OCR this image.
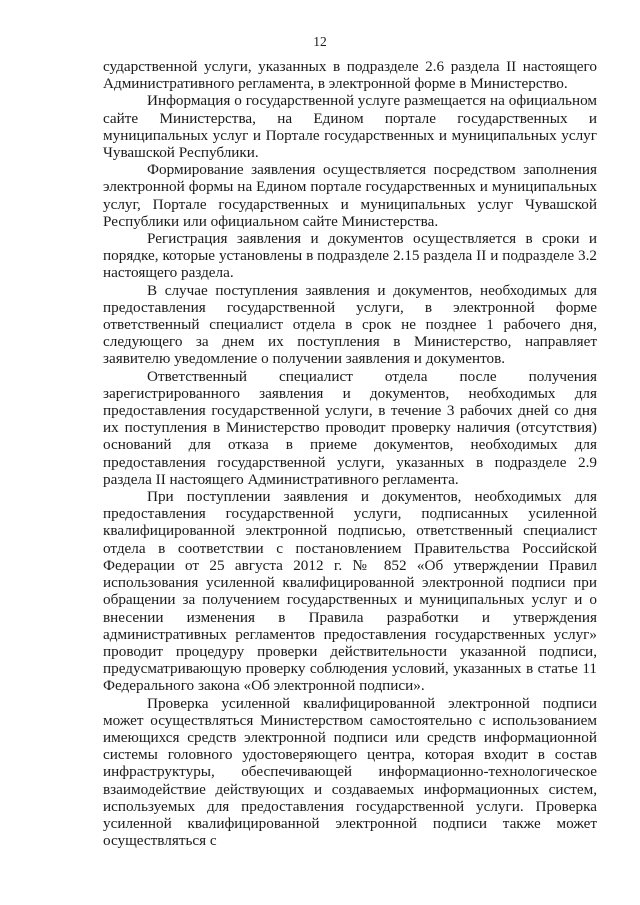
12

сударственной услуги, указанных в подразделе 2.6 раздела II настоящего Административного регламента, в электронной форме в Министерство.

Информация о государственной услуге размещается на официальном сайте Министерства, на Едином портале государственных и муниципальных услуг и Портале государственных и муниципальных услуг Чувашской Республики.

Формирование заявления осуществляется посредством заполнения электронной формы на Едином портале государственных и муниципальных услуг, Портале государственных и муниципальных услуг Чувашской Республики или официальном сайте Министерства.

Регистрация заявления и документов осуществляется в сроки и порядке, которые установлены в подразделе 2.15 раздела II и подразделе 3.2 настоящего раздела.

В случае поступления заявления и документов, необходимых для предоставления государственной услуги, в электронной форме ответственный специалист отдела в срок не позднее 1 рабочего дня, следующего за днем их поступления в Министерство, направляет заявителю уведомление о получении заявления и документов.

Ответственный специалист отдела после получения зарегистрированного заявления и документов, необходимых для предоставления государственной услуги, в течение 3 рабочих дней со дня их поступления в Министерство проводит проверку наличия (отсутствия) оснований для отказа в приеме документов, необходимых для предоставления государственной услуги, указанных в подразделе 2.9 раздела II настоящего Административного регламента.

При поступлении заявления и документов, необходимых для предоставления государственной услуги, подписанных усиленной квалифицированной электронной подписью, ответственный специалист отдела в соответствии с постановлением Правительства Российской Федерации от 25 августа 2012 г. № 852 «Об утверждении Правил использования усиленной квалифицированной электронной подписи при обращении за получением государственных и муниципальных услуг и о внесении изменения в Правила разработки и утверждения административных регламентов предоставления государственных услуг» проводит процедуру проверки действительности указанной подписи, предусматривающую проверку соблюдения условий, указанных в статье 11 Федерального закона «Об электронной подписи».

Проверка усиленной квалифицированной электронной подписи может осуществляться Министерством самостоятельно с использованием имеющихся средств электронной подписи или средств информационной системы головного удостоверяющего центра, которая входит в состав инфраструктуры, обеспечивающей информационно-технологическое взаимодействие действующих и создаваемых информационных систем, используемых для предоставления государственной услуги. Проверка усиленной квалифицированной электронной подписи также может осуществляться с
